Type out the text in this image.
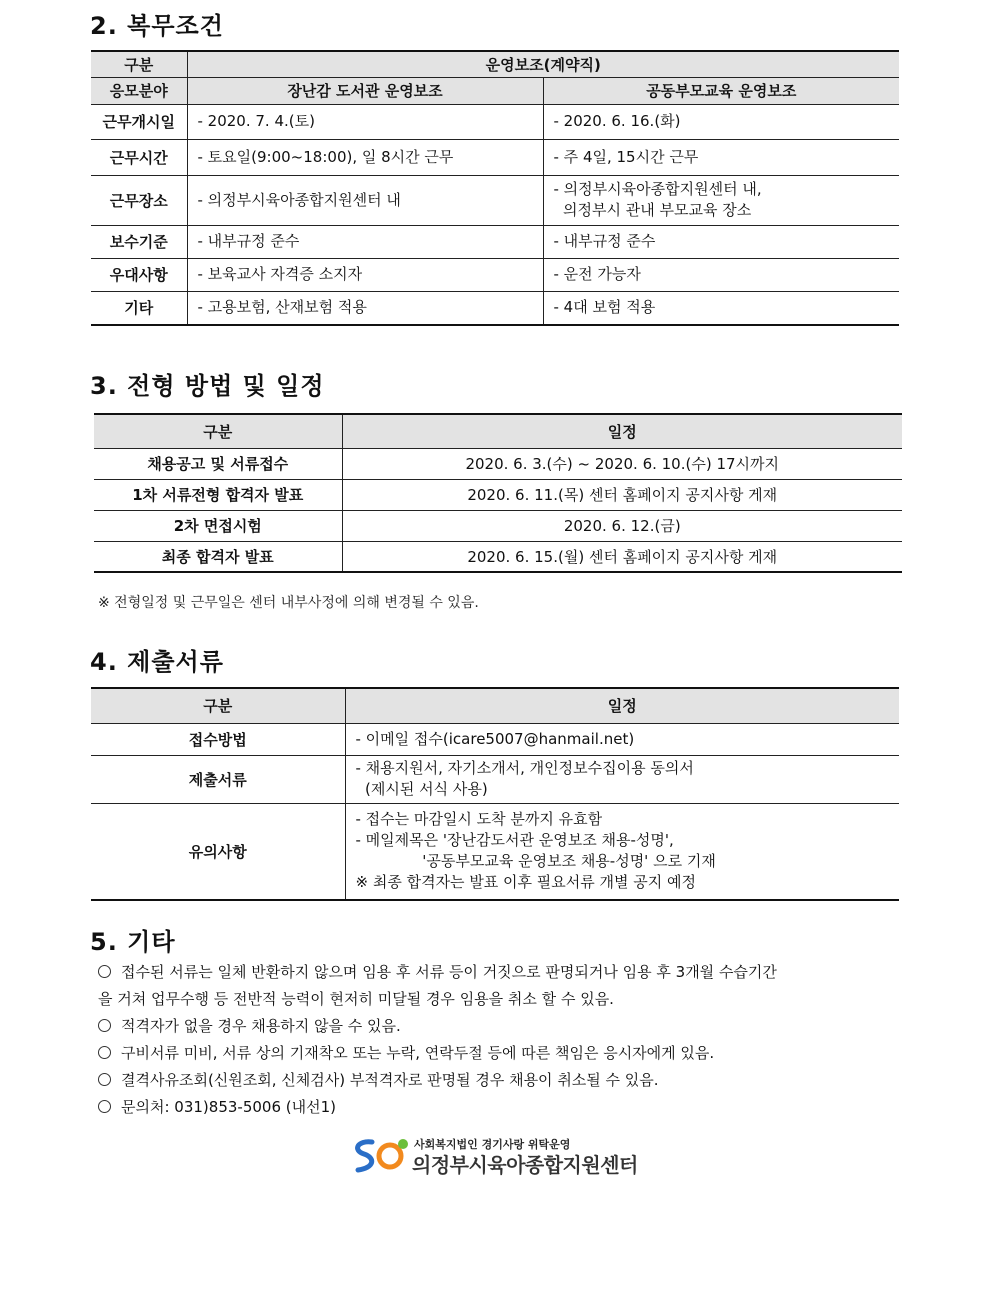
2. 복무조건
구분	운영보조(계약직)	
응모분야	장난감 도서관 운영보조	공동부모교육 운영보조
근무개시일	- 2020. 7. 4.(토)	- 2020. 6. 16.(화)

근무시간	- 토요일(9:00~18:00), 일 8시간 근무	- 주 4일, 15시간 근무

근무장소	- 의정부시육아종합지원센터 내	- 의정부시육아종합지원센터 내,
의정부시 관내 부모교육 장소

보수기준	- 내부규정 준수	- 내부규정 준수

우대사항	- 보육교사 자격증 소지자	- 운전 가능자

기타	- 고용보험, 산재보험 적용	- 4대 보험 적용
3. 전형 방법 및 일정
구분	일정
채용공고 및 서류접수	2020. 6. 3.(수) ~ 2020. 6. 10.(수) 17시까지
1차 서류전형 합격자 발표	2020. 6. 11.(목) 센터 홈페이지 공지사항 게재
2차 면접시험	2020. 6. 12.(금)
최종 합격자 발표	2020. 6. 15.(월) 센터 홈페이지 공지사항 게재
※ 전형일정 및 근무일은 센터 내부사정에 의해 변경될 수 있음.
4. 제출서류
구분	일정
접수방법	- 이메일 접수(icare5007@hanmail.net)

제출서류	- 채용지원서, 자기소개서, 개인정보수집이용 동의서
(제시된 서식 사용)

유의사항	- 접수는 마감일시 도착 분까지 유효함
- 메일제목은 '장난감도서관 운영보조 채용-성명',
'공동부모교육 운영보조 채용-성명' 으로 기재
※ 최종 합격자는 발표 이후 필요서류 개별 공지 예정
5. 기타
접수된 서류는 일체 반환하지 않으며 임용 후 서류 등이 거짓으로 판명되거나 임용 후 3개월 수습기간
을 거쳐 업무수행 등 전반적 능력이 현저히 미달될 경우 임용을 취소 할 수 있음.
적격자가 없을 경우 채용하지 않을 수 있음.
구비서류 미비, 서류 상의 기재착오 또는 누락, 연락두절 등에 따른 책임은 응시자에게 있음.
결격사유조회(신원조회, 신체검사) 부적격자로 판명될 경우 채용이 취소될 수 있음.
문의처: 031)853-5006 (내선1)
사회복지법인 경기사랑 위탁운영
의정부시육아종합지원센터
